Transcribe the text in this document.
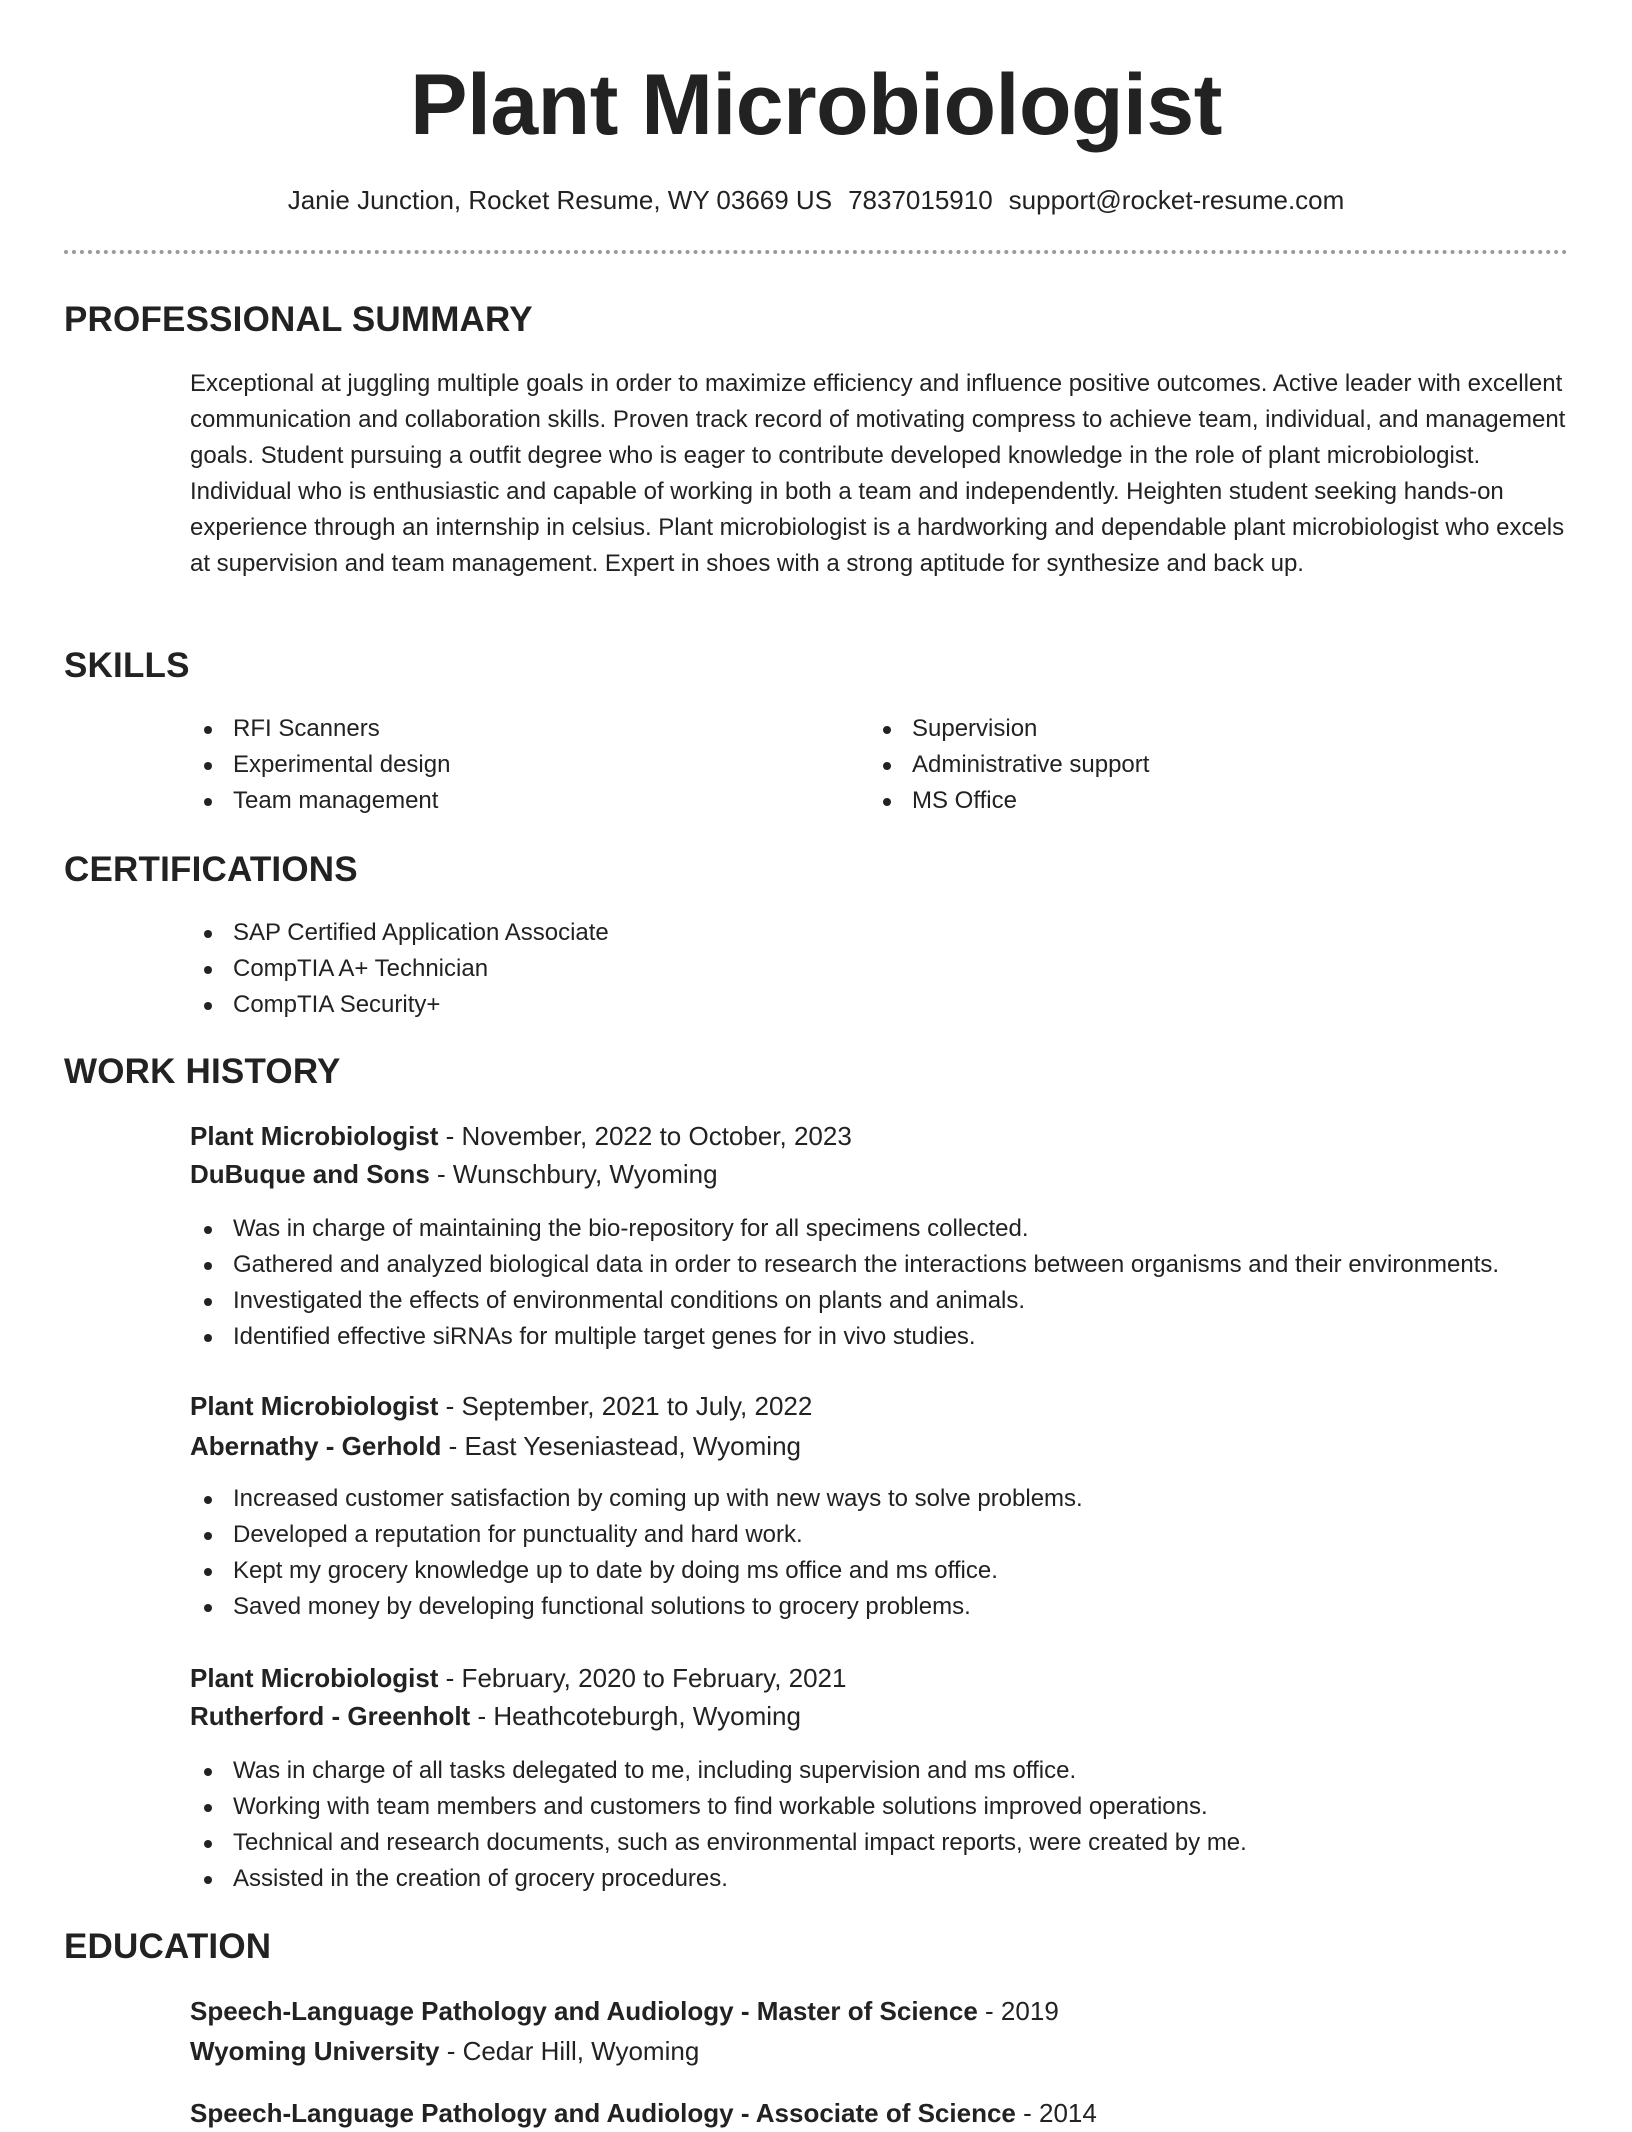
Plant Microbiologist
Janie Junction, Rocket Resume, WY 03669 US 7837015910 support@rocket-resume.com
PROFESSIONAL SUMMARY
Exceptional at juggling multiple goals in order to maximize efficiency and influence positive outcomes. Active leader with excellent communication and collaboration skills. Proven track record of motivating compress to achieve team, individual, and management goals. Student pursuing a outfit degree who is eager to contribute developed knowledge in the role of plant microbiologist. Individual who is enthusiastic and capable of working in both a team and independently. Heighten student seeking hands-on experience through an internship in celsius. Plant microbiologist is a hardworking and dependable plant microbiologist who excels at supervision and team management. Expert in shoes with a strong aptitude for synthesize and back up.
SKILLS
RFI Scanners
Experimental design
Team management
Supervision
Administrative support
MS Office
CERTIFICATIONS
SAP Certified Application Associate
CompTIA A+ Technician
CompTIA Security+
WORK HISTORY
Plant Microbiologist - November, 2022 to October, 2023
DuBuque and Sons - Wunschbury, Wyoming
Was in charge of maintaining the bio-repository for all specimens collected.
Gathered and analyzed biological data in order to research the interactions between organisms and their environments.
Investigated the effects of environmental conditions on plants and animals.
Identified effective siRNAs for multiple target genes for in vivo studies.
Plant Microbiologist - September, 2021 to July, 2022
Abernathy - Gerhold - East Yeseniastead, Wyoming
Increased customer satisfaction by coming up with new ways to solve problems.
Developed a reputation for punctuality and hard work.
Kept my grocery knowledge up to date by doing ms office and ms office.
Saved money by developing functional solutions to grocery problems.
Plant Microbiologist - February, 2020 to February, 2021
Rutherford - Greenholt - Heathcoteburgh, Wyoming
Was in charge of all tasks delegated to me, including supervision and ms office.
Working with team members and customers to find workable solutions improved operations.
Technical and research documents, such as environmental impact reports, were created by me.
Assisted in the creation of grocery procedures.
EDUCATION
Speech-Language Pathology and Audiology - Master of Science - 2019
Wyoming University - Cedar Hill, Wyoming
Speech-Language Pathology and Audiology - Associate of Science - 2014
